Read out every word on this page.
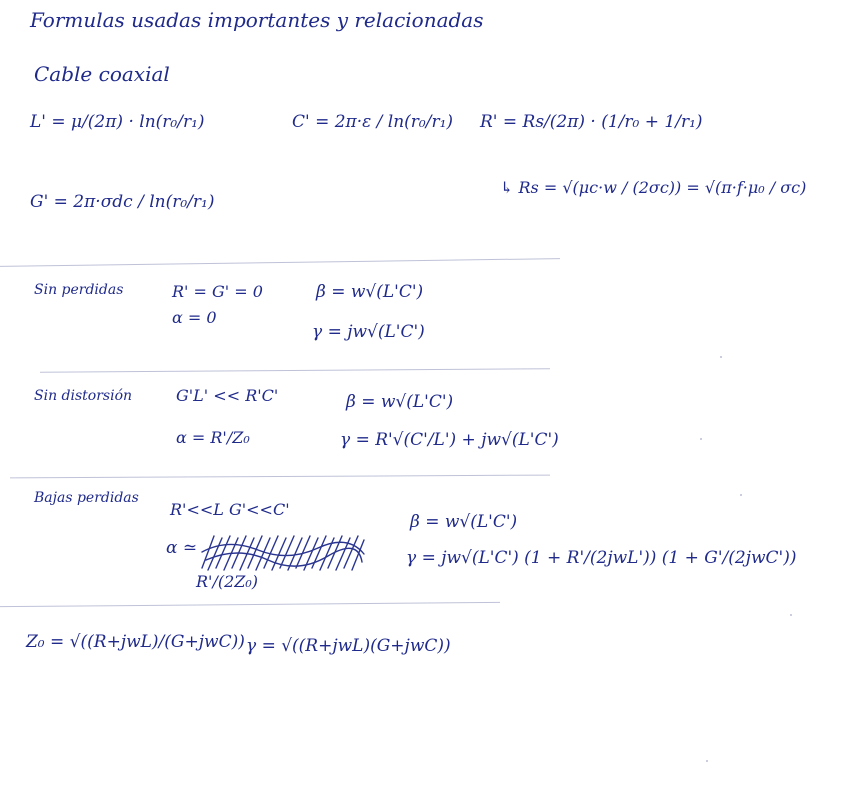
Formulas usadas importantes y relacionadas
Cable coaxial
L' = μ/(2π) · ln(r₀/r₁)	C' = 2π·ε / ln(r₀/r₁) R' = Rs/(2π) · (1/r₀ + 1/r₁)
↳ Rs = √(μc·w / (2σc)) = √(π·f·μ₀ / σc)
G' = 2π·σdc / ln(r₀/r₁)
Sin perdidas	R' = G' = 0
α = 0
β = w√(L'C')
γ = jw√(L'C')
Sin distorsión	G'L' << R'C'
α = R'/Z₀
β = w√(L'C')
γ = R'√(C'/L') + jw√(L'C')
Bajas perdidas
R'<<L G'<<C'
α ≃
R'/(2Z₀)
β = w√(L'C')
γ = jw√(L'C') (1 + R'/(2jwL')) (1 + G'/(2jwC'))
Z₀ = √((R+jwL)/(G+jwC)) γ = √((R+jwL)(G+jwC))
